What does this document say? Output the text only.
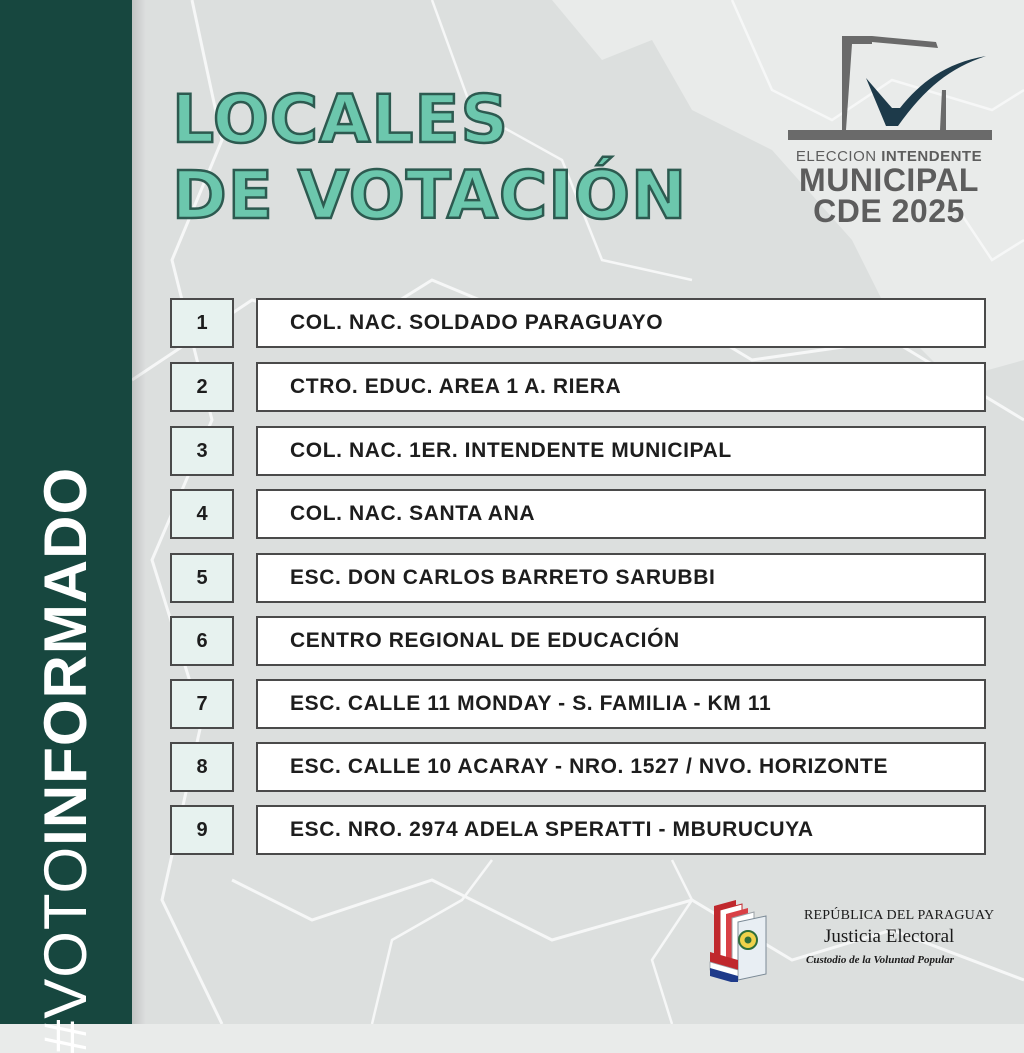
#VOTOINFORMADO
LOCALES
DE VOTACIÓN
ELECCION INTENDENTE
MUNICIPAL
CDE 2025
1	COL. NAC. SOLDADO PARAGUAYO
2	CTRO. EDUC. AREA 1 A. RIERA
3	COL. NAC. 1ER. INTENDENTE MUNICIPAL
4	COL. NAC. SANTA ANA
5	ESC. DON CARLOS BARRETO SARUBBI
6	CENTRO REGIONAL DE EDUCACIÓN
7	ESC. CALLE 11 MONDAY - S. FAMILIA - KM 11
8	ESC. CALLE 10 ACARAY - NRO. 1527 / NVO. HORIZONTE
9	ESC. NRO. 2974 ADELA SPERATTI - MBURUCUYA
REPÚBLICA DEL PARAGUAY
Justicia Electoral
Custodio de la Voluntad Popular
